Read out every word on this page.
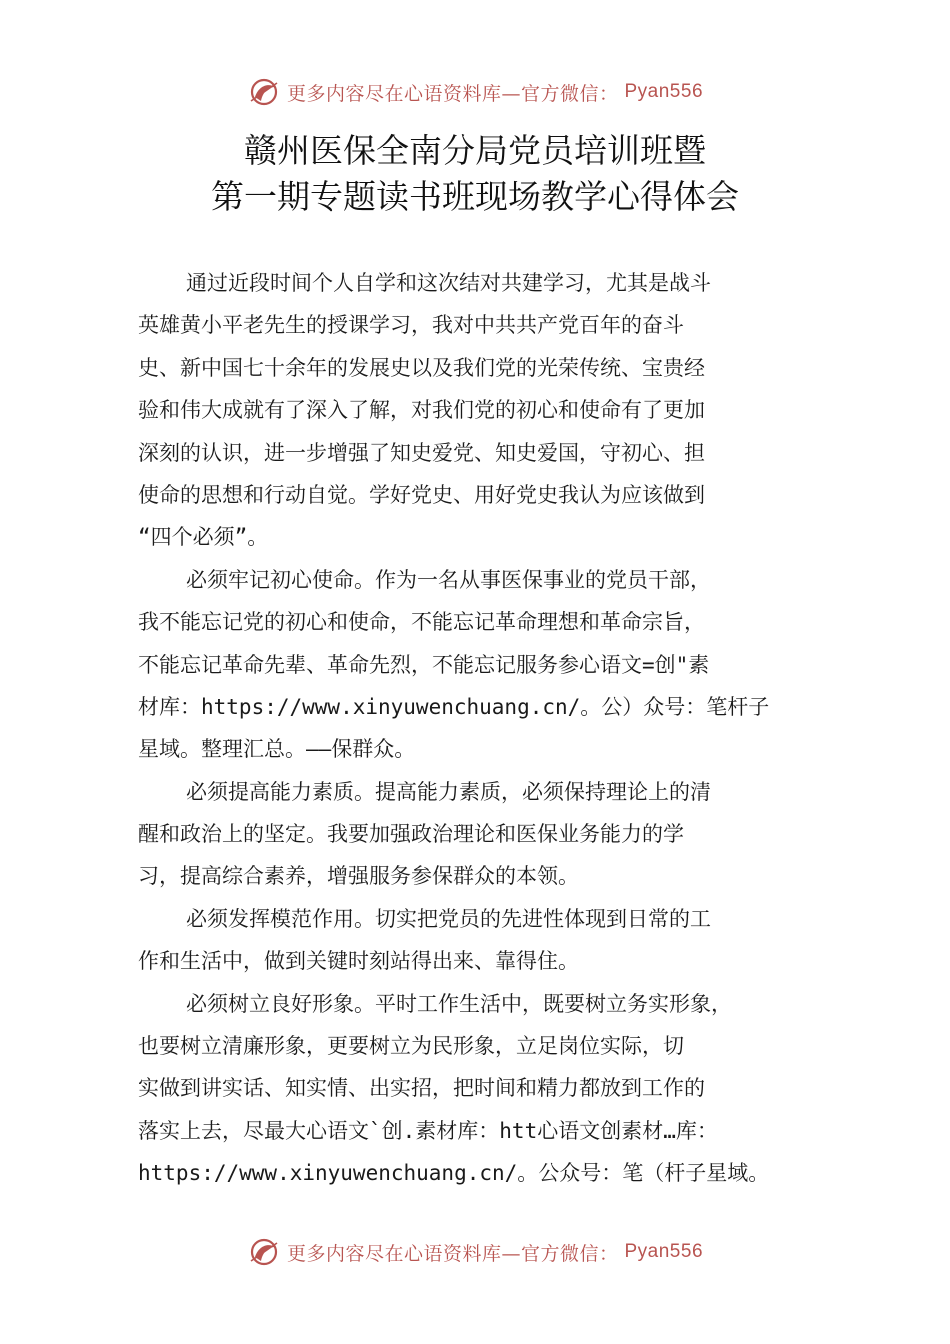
更多内容尽在心语资料库—官方微信： Pyan556
赣州医保全南分局党员培训班暨
第一期专题读书班现场教学心得体会
通过近段时间个人自学和这次结对共建学习，尤其是战斗
英雄黄小平老先生的授课学习，我对中共共产党百年的奋斗
史、新中国七十余年的发展史以及我们党的光荣传统、宝贵经
验和伟大成就有了深入了解，对我们党的初心和使命有了更加
深刻的认识，进一步增强了知史爱党、知史爱国，守初心、担
使命的思想和行动自觉。学好党史、用好党史我认为应该做到
“四个必须”。
必须牢记初心使命。作为一名从事医保事业的党员干部，
我不能忘记党的初心和使命，不能忘记革命理想和革命宗旨，
不能忘记革命先辈、革命先烈，不能忘记服务参心语文=创"素
材库：https://www.xinyuwenchuang.cn/。公）众号：笔杆子
星域。整理汇总。——保群众。
必须提高能力素质。提高能力素质，必须保持理论上的清
醒和政治上的坚定。我要加强政治理论和医保业务能力的学
习，提高综合素养，增强服务参保群众的本领。
必须发挥模范作用。切实把党员的先进性体现到日常的工
作和生活中，做到关键时刻站得出来、靠得住。
必须树立良好形象。平时工作生活中，既要树立务实形象，
也要树立清廉形象，更要树立为民形象，立足岗位实际，切
实做到讲实话、知实情、出实招，把时间和精力都放到工作的
落实上去，尽最大心语文`创.素材库：htt心语文创素材…库：
https://www.xinyuwenchuang.cn/。公众号：笔（杆子星域。
更多内容尽在心语资料库—官方微信： Pyan556
